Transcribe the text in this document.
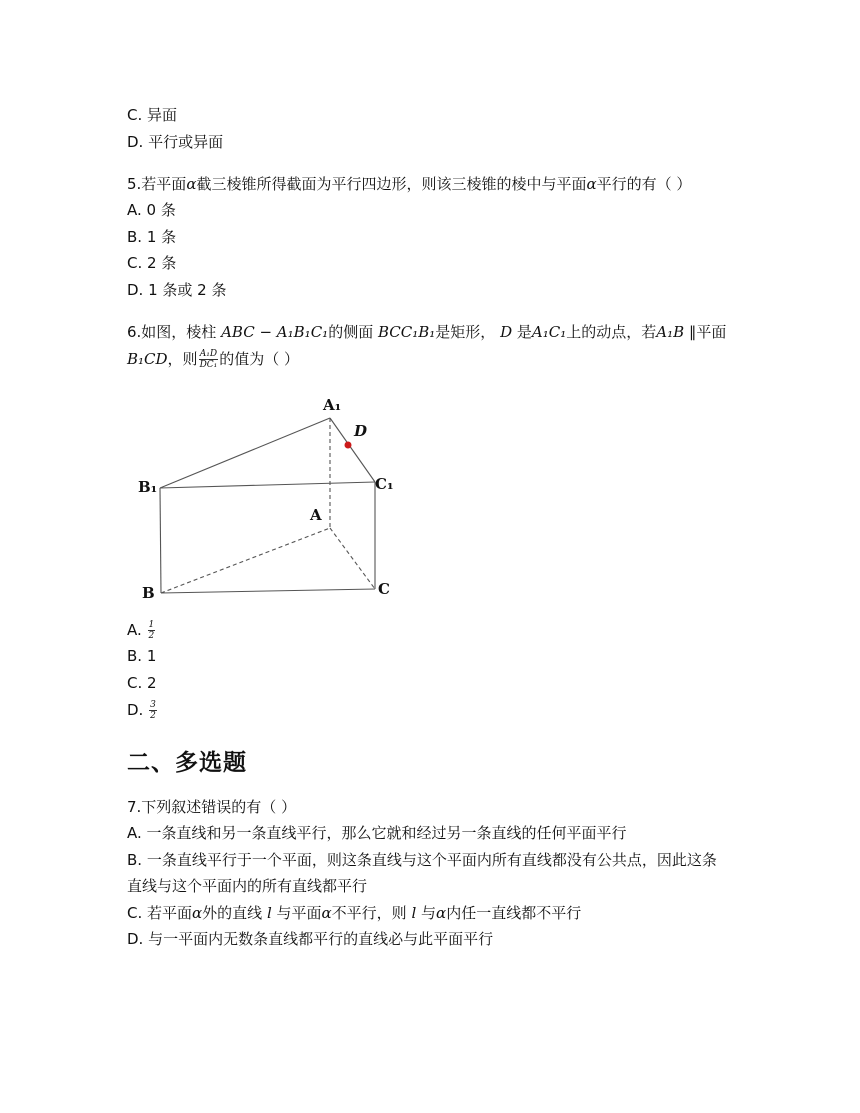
C. 异面
D. 平行或异面
5.若平面α截三棱锥所得截面为平行四边形，则该三棱锥的棱中与平面α平行的有（ ）
A. 0 条
B. 1 条
C. 2 条
D. 1 条或 2 条
6.如图，棱柱 ABC − A₁B₁C₁的侧面 BCC₁B₁是矩形， D 是A₁C₁上的动点，若A₁B ∥平面
B₁CD，则 $\frac{\text{A₁D}}{\text{DC₁}}$ 的值为（ ）
A₁
D
B₁	C₁
A
B	C
A. $\frac{1}{2}$
B. 1
C. 2
D. $\frac{3}{2}$
二、多选题
7.下列叙述错误的有（ ）
A. 一条直线和另一条直线平行，那么它就和经过另一条直线的任何平面平行
B. 一条直线平行于一个平面，则这条直线与这个平面内所有直线都没有公共点，因此这条
直线与这个平面内的所有直线都平行
C. 若平面α外的直线 l 与平面α不平行，则 l 与α内任一直线都不平行
D. 与一平面内无数条直线都平行的直线必与此平面平行
